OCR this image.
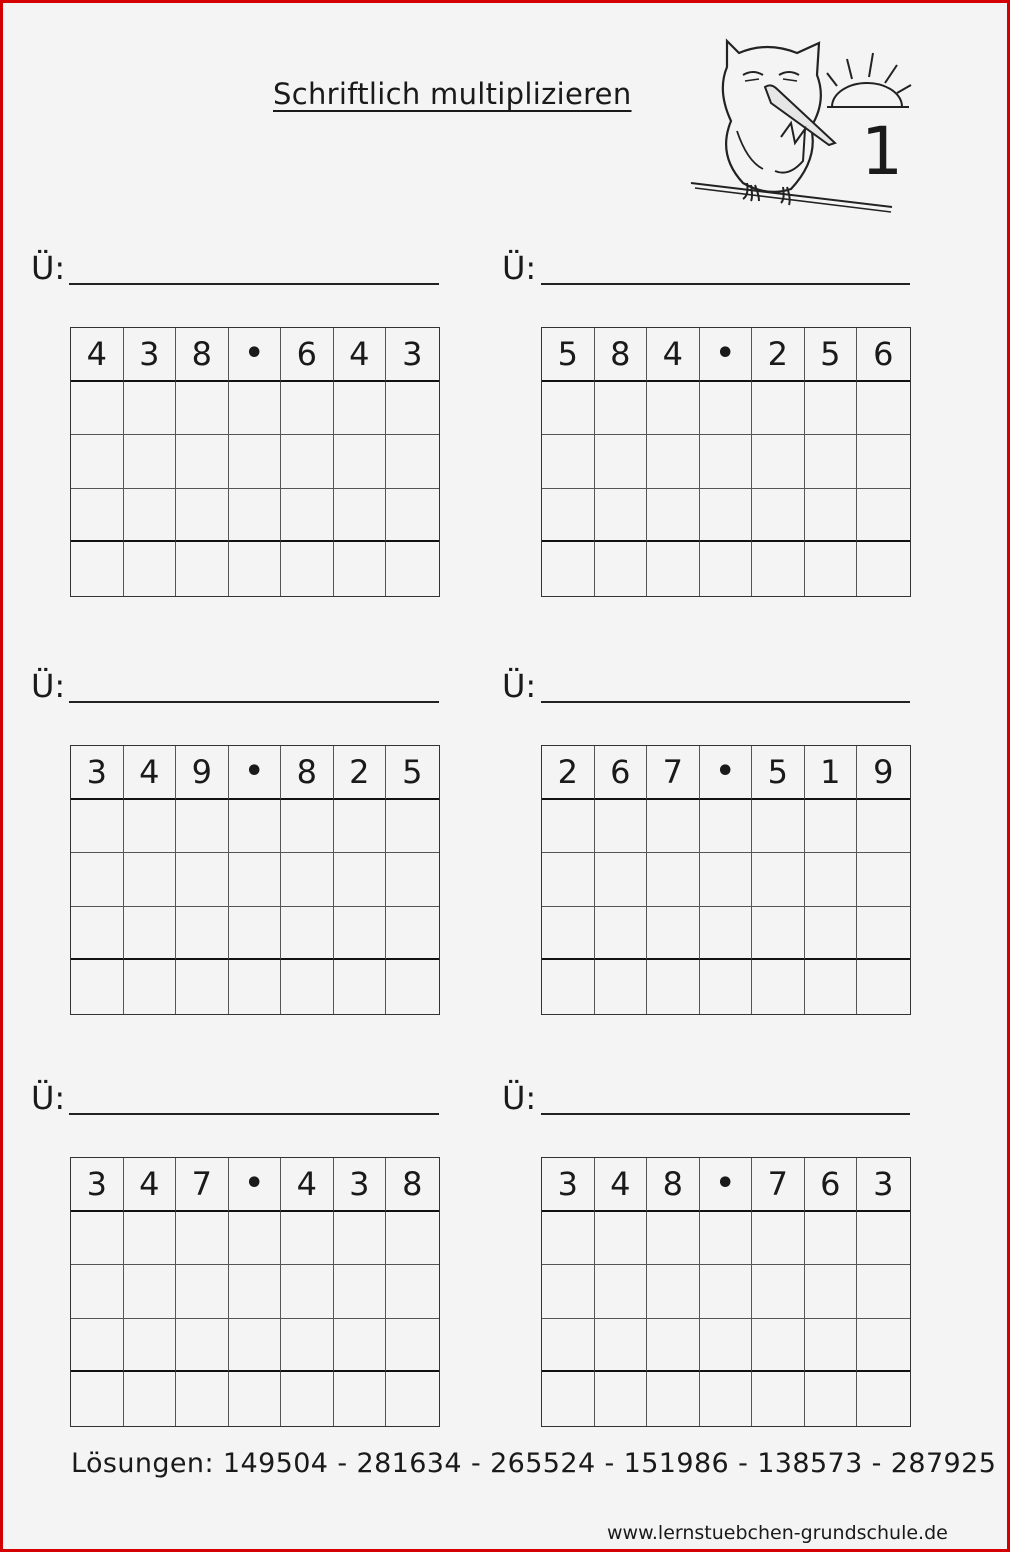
Schriftlich multiplizieren
1
Ü:
4	3	8	•	6	4	3
Ü:
5	8	4	•	2	5	6
Ü:
3	4	9	•	8	2	5
Ü:
2	6	7	•	5	1	9
Ü:
3	4	7	•	4	3	8
Ü:
3	4	8	•	7	6	3
Lösungen: 149504 - 281634 - 265524 - 151986 - 138573 - 287925
www.lernstuebchen-grundschule.de
